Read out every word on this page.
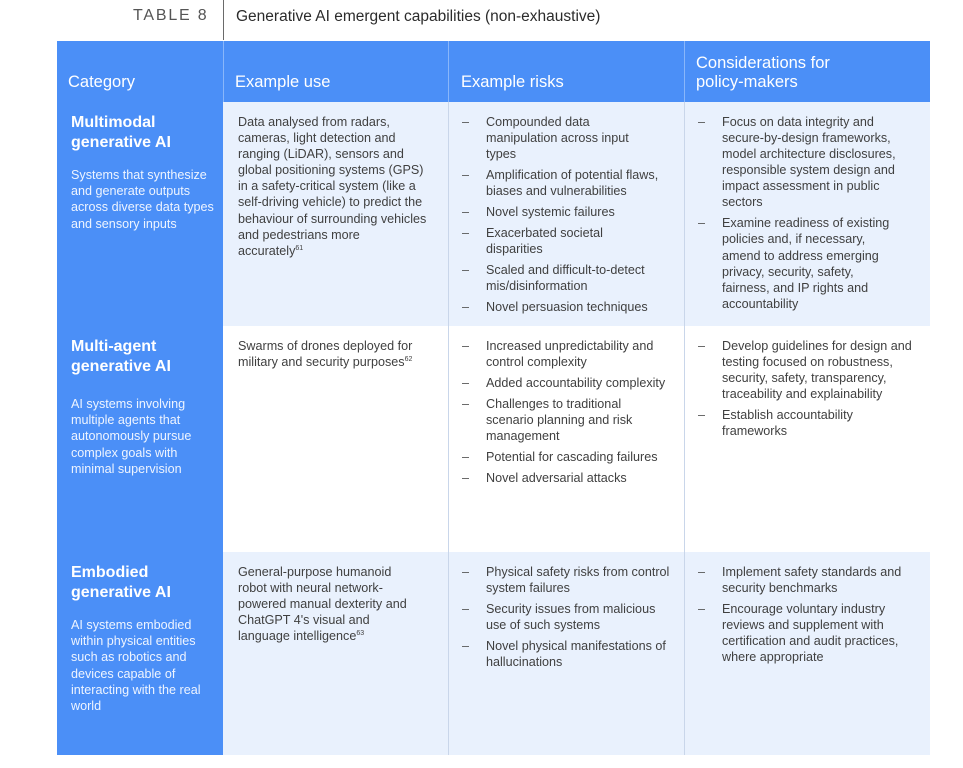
TABLE 8 Generative AI emergent capabilities (non-exhaustive)
Category	Example use	Example risks
Considerations for
policy-makers
Multimodal
generative AI
Systems that synthesize and generate outputs across diverse data types and sensory inputs
Data analysed from radars, cameras, light detection and ranging (LiDAR), sensors and global positioning systems (GPS) in a safety-critical system (like a self-driving vehicle) to predict the behaviour of surrounding vehicles and pedestrians more accurately$^{61}$
– Compounded data manipulation across input types
– Amplification of potential flaws, biases and vulnerabilities
– Novel systemic failures
– Exacerbated societal disparities
– Scaled and difficult-to-detect mis/disinformation
– Novel persuasion techniques
– Focus on data integrity and secure-by-design frameworks, model architecture disclosures, responsible system design and impact assessment in public sectors
– Examine readiness of existing policies and, if necessary, amend to address emerging privacy, security, safety, fairness, and IP rights and accountability
Multi-agent
generative AI
AI systems involving multiple agents that autonomously pursue complex goals with minimal supervision
Swarms of drones deployed for military and security purposes$^{62}$
– Increased unpredictability and control complexity
– Added accountability complexity
– Challenges to traditional scenario planning and risk management
– Potential for cascading failures
– Novel adversarial attacks
– Develop guidelines for design and testing focused on robustness, security, safety, transparency, traceability and explainability
– Establish accountability frameworks
Embodied
generative AI
AI systems embodied within physical entities such as robotics and devices capable of interacting with the real world
General-purpose humanoid robot with neural network-powered manual dexterity and ChatGPT 4's visual and language intelligence$^{63}$
– Physical safety risks from control system failures
– Security issues from malicious use of such systems
– Novel physical manifestations of hallucinations
– Implement safety standards and security benchmarks
– Encourage voluntary industry reviews and supplement with certification and audit practices, where appropriate
